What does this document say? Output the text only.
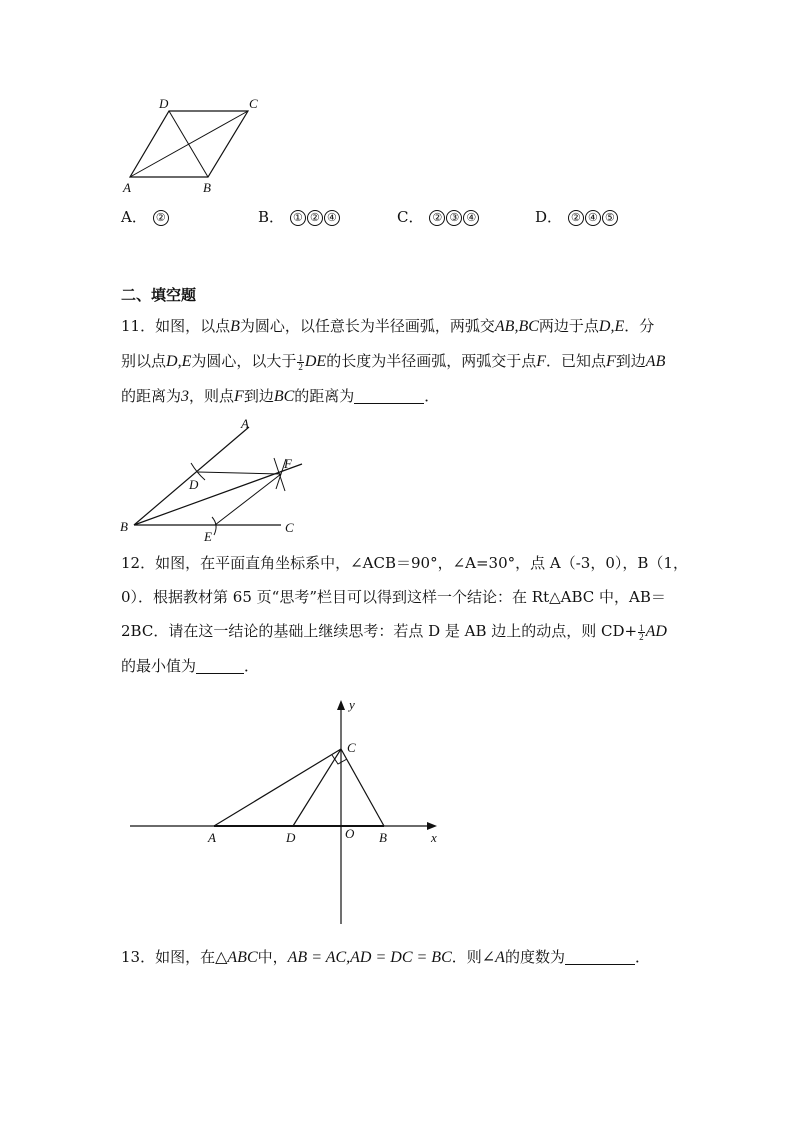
D	C
A	B
A． ②	B． ① ② ④	C． ② ③ ④	D． ② ④ ⑤
二、填空题
11．如图，以点B为圆心，以任意长为半径画弧，两弧交AB,BC两边于点D,E．分
别以点D,E为圆心，以大于 $\frac{1}{2}$ DE的长度为半径画弧，两弧交于点F．已知点F到边AB
的距离为3，则点F到边BC的距离为	．
A
B	C
D
E
F
12．如图，在平面直角坐标系中，∠ACB＝90°，∠A=30°，点 A（-3，0），B（1，
0）．根据教材第 65 页“思考”栏目可以得到这样一个结论：在 Rt△ABC 中，AB＝
2BC．请在这一结论的基础上继续思考：若点 D 是 AB 边上的动点，则 $CD+ \frac{1}{2}$ AD
的最小值为	．
y
x
C
A	D	O B
13．如图，在△ABC中，AB = AC,AD = DC = BC．则∠A的度数为	．
